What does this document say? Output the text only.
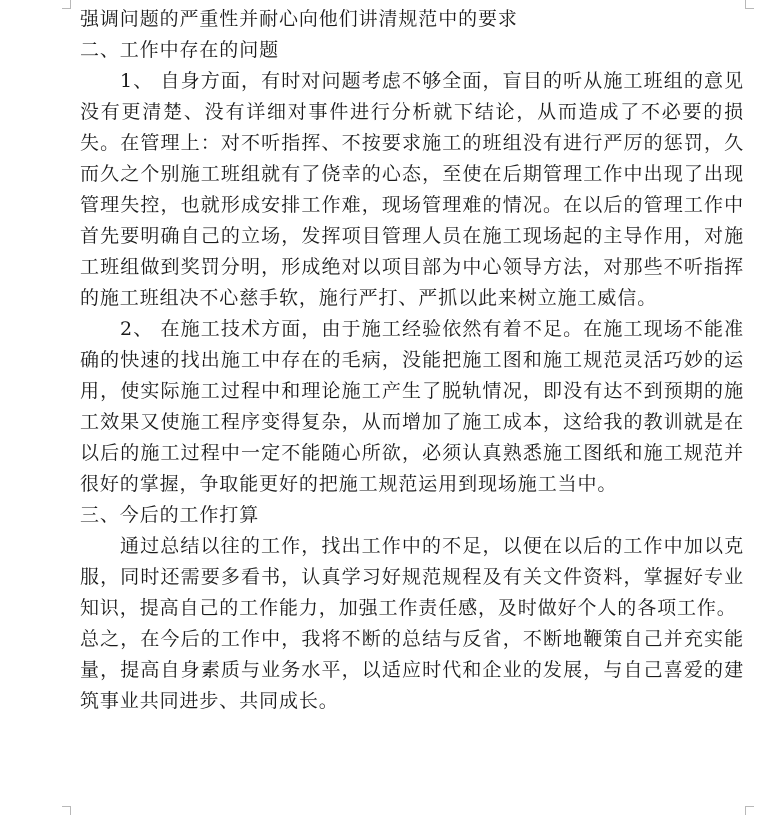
强调问题的严重性并耐心向他们讲清规范中的要求

二、工作中存在的问题

1、 自身方面，有时对问题考虑不够全面，盲目的听从施工班组的意见没有更清楚、没有详细对事件进行分析就下结论，从而造成了不必要的损失。在管理上：对不听指挥、不按要求施工的班组没有进行严厉的惩罚，久而久之个别施工班组就有了侥幸的心态，至使在后期管理工作中出现了出现管理失控，也就形成安排工作难，现场管理难的情况。在以后的管理工作中首先要明确自己的立场，发挥项目管理人员在施工现场起的主导作用，对施工班组做到奖罚分明，形成绝对以项目部为中心领导方法，对那些不听指挥的施工班组决不心慈手软，施行严打、严抓以此来树立施工威信。

2、 在施工技术方面，由于施工经验依然有着不足。在施工现场不能准确的快速的找出施工中存在的毛病，没能把施工图和施工规范灵活巧妙的运用，使实际施工过程中和理论施工产生了脱轨情况，即没有达不到预期的施工效果又使施工程序变得复杂，从而增加了施工成本，这给我的教训就是在以后的施工过程中一定不能随心所欲，必须认真熟悉施工图纸和施工规范并很好的掌握，争取能更好的把施工规范运用到现场施工当中。

三、今后的工作打算

通过总结以往的工作，找出工作中的不足，以便在以后的工作中加以克服，同时还需要多看书，认真学习好规范规程及有关文件资料，掌握好专业知识，提高自己的工作能力，加强工作责任感，及时做好个人的各项工作。

总之，在今后的工作中，我将不断的总结与反省，不断地鞭策自己并充实能量，提高自身素质与业务水平，以适应时代和企业的发展，与自己喜爱的建筑事业共同进步、共同成长。
